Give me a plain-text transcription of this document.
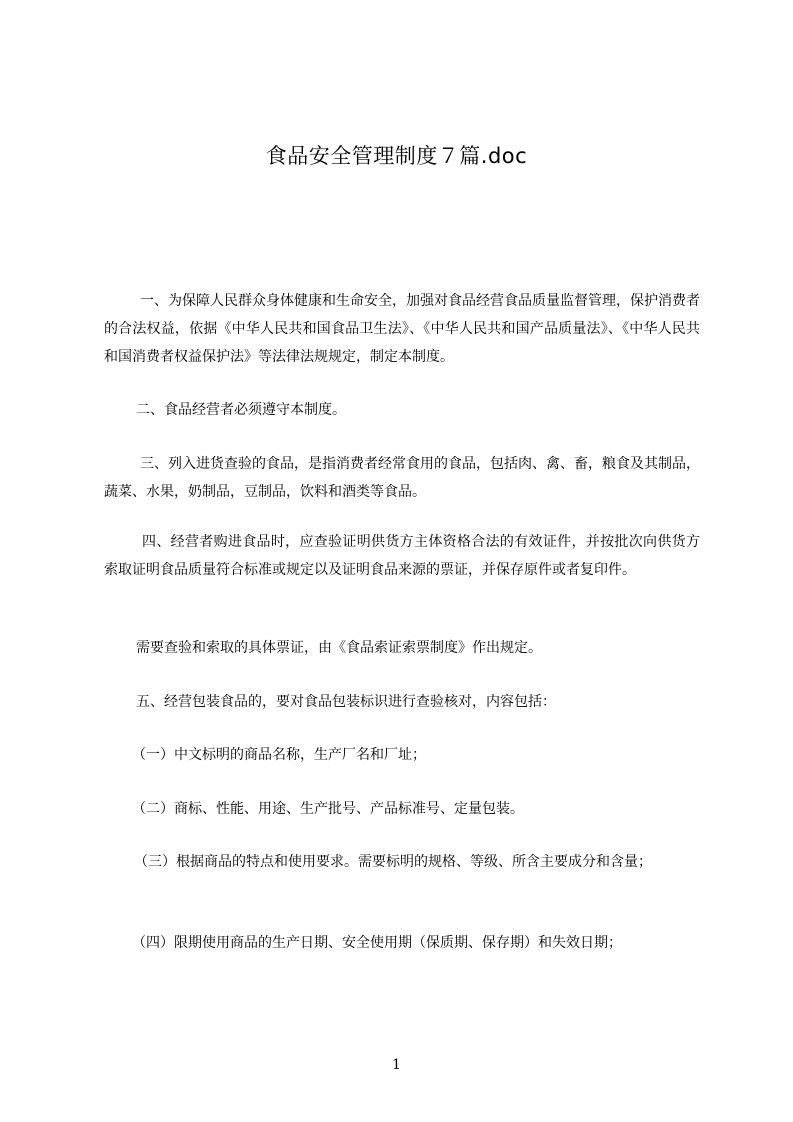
食品安全管理制度７篇.doc
一、为保障人民群众身体健康和生命安全，加强对食品经营食品质量监督管理，保护消费者的合法权益，依据《中华人民共和国食品卫生法》、《中华人民共和国产品质量法》、《中华人民共和国消费者权益保护法》等法律法规规定，制定本制度。
二、食品经营者必须遵守本制度。
三、列入进货查验的食品，是指消费者经常食用的食品，包括肉、禽、畜，粮食及其制品，蔬菜、水果，奶制品，豆制品，饮料和酒类等食品。
四、经营者购进食品时，应查验证明供货方主体资格合法的有效证件，并按批次向供货方索取证明食品质量符合标准或规定以及证明食品来源的票证，并保存原件或者复印件。
需要查验和索取的具体票证，由《食品索证索票制度》作出规定。
五、经营包装食品的，要对食品包装标识进行查验核对，内容包括：
（一）中文标明的商品名称，生产厂名和厂址；
（二）商标、性能、用途、生产批号、产品标准号、定量包装。
（三）根据商品的特点和使用要求。需要标明的规格、等级、所含主要成分和含量；
（四）限期使用商品的生产日期、安全使用期（保质期、保存期）和失效日期；
1
